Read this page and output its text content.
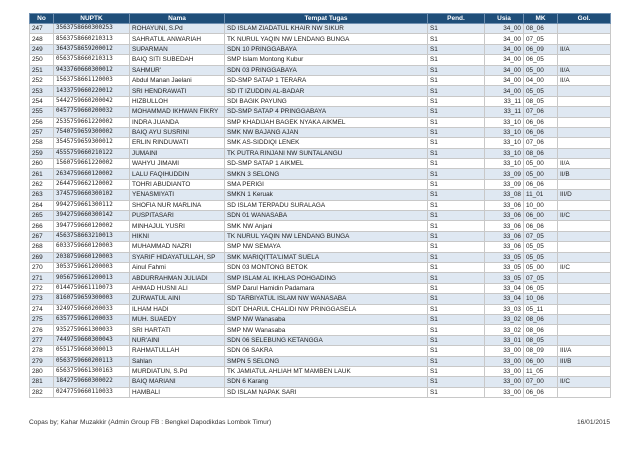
No	NUPTK	Nama	Tempat Tugas	Pend.	Usia	MK	Gol.
247	3563758660300253	ROHAYUNI, S.Pd	SD ISLAM ZIADATUL KHAIR NW SIKUR	S1	34_00	08_06	
248	8563758660210313	SAHRATUL ANWARIAH	TK NURUL YAQIN NW LENDANG BUNGA	S1	34_00	07_05	
249	3643758659200012	SUPARMAN	SDN 10 PRINGGABAYA	S1	34_00	06_09	II/A
250	0563758660210313	BAIQ SITI SUBEDAH	SMP Islam Montong Kubur	S1	34_00	06_05	
251	9433760660300012	SAHMUR'	SDN 03 PRINGGABAYA	S1	34_00	05_00	II/A
252	1563758661120003	Abdul Manan Jaelani	SD-SMP SATAP 1 TERARA	S1	34_00	04_00	II/A
253	1433759660220012	SRI HENDRAWATI	SD IT IZUDDIN AL-BADAR	S1	34_00	05_05	
254	5442759660200042	HIZBULLOH	SDI BAGIK PAYUNG	S1	33_11	08_05	
255	0457759660200032	MOHAMMAD IKHWAN FIKRY	SD-SMP SATAP 4 PRINGGABAYA	S1	33_11	07_06	
256	2535759661220002	INDRA JUANDA	SMP KHADIJAH BAGEK NYAKA AIKMEL	S1	33_10	06_06	
257	7540759659300002	BAIQ AYU SUSRINI	SMK NW BAJANG AJAN	S1	33_10	06_06	
258	3545759659300012	ERLIN RINDUWATI	SMK AS-SIDDIQI LENEK	S1	33_10	07_06	
259	4555759660210122	JUMAINI	TK PUTRA RINJANI NW SUNTALANGU	S1	33_10	08_06	
260	1560759661220002	WAHYU JIMAMI	SD-SMP SATAP 1 AIKMEL	S1	33_10	05_00	II/A
261	2634759660120002	LALU FAQIHUDDIN	SMKN 3 SELONG	S1	33_09	05_00	II/B
262	2644759662120002	TOHRI ABUDIANTO	SMA PERIGI	S1	33_09	06_06	
263	3745759660300102	YENASMIYATI	SMKN 1 Keruak	S1	33_08	11_01	III/D
264	9942759661300112	SHOFIA NUR MARLINA	SD ISLAM TERPADU SURALAGA	S1	33_06	10_00	
265	3942759660300142	PUSPITASARI	SDN 01 WANASABA	S1	33_06	06_00	II/C
266	3947759660120002	MINHAJUL YUSRI	SMK NW Anjani	S1	33_06	06_06	
267	4563758663210013	HIKNI	TK NURUL YAQIN NW LENDANG BUNGA	S1	33_06	07_05	
268	6033759660120003	MUHAMMAD NAZRI	SMP NW SEMAYA	S1	33_06	05_05	
269	2038759660120003	SYARIF HIDAYATULLAH, SP	SMK MARIQITTA'LIMAT SUELA	S1	33_05	05_05	
270	3053759661200003	Ainul Fahmi	SDN 03 MONTONG BETOK	S1	33_05	05_00	II/C
271	9056759661200013	ABDURRAHMAN JULIADI	SMP ISLAM AL IKHLAS POHGADING	S1	33_05	07_05	
272	0144759661110073	AHMAD HUSNI ALI	SMP Darul Hamidin Padamara	S1	33_04	06_05	
273	8160759659300003	ZURWATUL AINI	SD TARBIYATUL ISLAM NW WANASABA	S1	33_04	10_06	
274	3249759660200033	ILHAM HADI	SDIT DHARUL CHALIDI NW PRINGGASELA	S1	33_03	05_11	
275	6357759661200033	MUH. SUAEDY	SMP NW Wanasaba	S1	33_02	08_06	
276	9352759661300033	SRI HARTATI	SMP NW Wanasaba	S1	33_02	08_06	
277	7449759660300043	NUR'AINI	SDN 06 SELEBUNG KETANGGA	S1	33_01	08_05	
278	0551759660300013	RAHMATULLAH	SDN 06 SAKRA	S1	33_00	08_09	III/A
279	0563759660200113	Sahlan	SMPN 5 SELONG	S1	33_00	06_00	III/B
280	6563759661300163	MURDIATUN, S.Pd	TK JAMIATUL AHLIAH MT MAMBEN LAUK	S1	33_00	11_05	
281	1842759660300022	BAIQ MARIANI	SDN 6 Karang	S1	33_00	07_00	II/C
282	0247759660110033	HAMBALI	SD ISLAM NAPAK SARI	S1	33_00	06_06	
Copas by; Kahar Muzakkir (Admin Group FB : Bengkel Dapodikdas Lombok Timur)	16/01/2015
